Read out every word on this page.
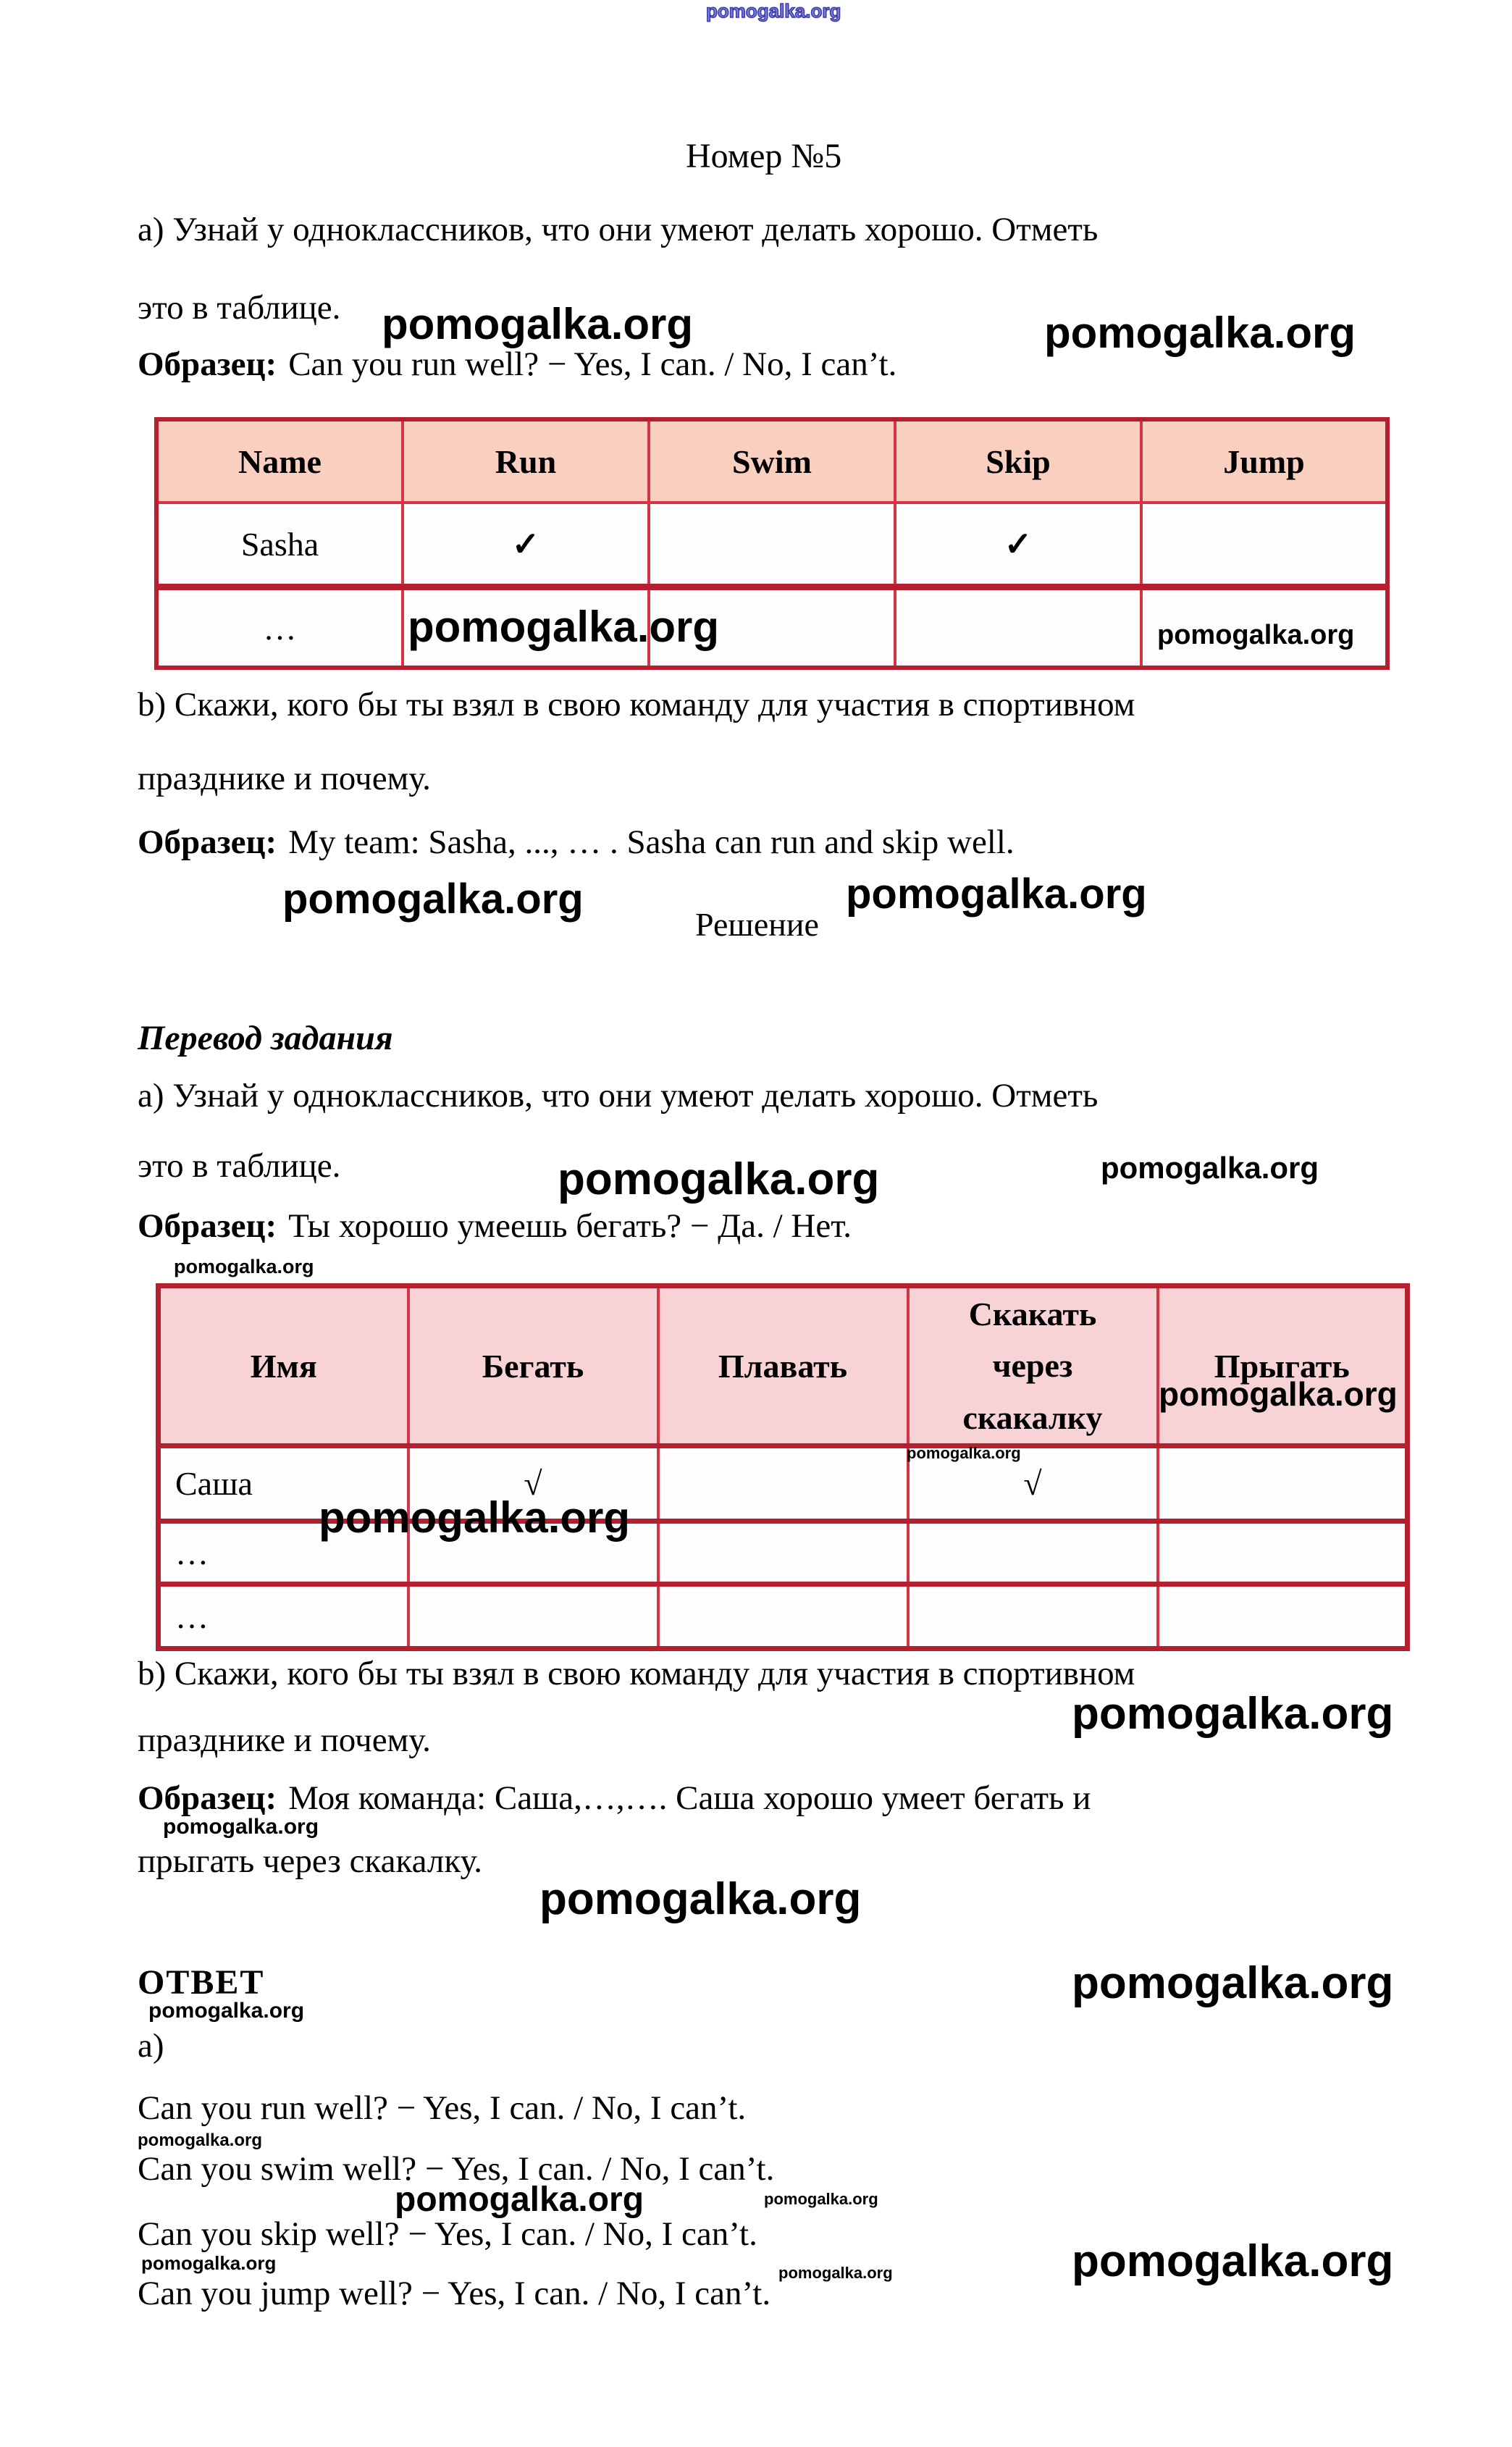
pomogalka.org
Номер №5
а) Узнай у одноклассников, что они умеют делать хорошо. Отметь
это в таблице. pomogalka.org	pomogalka.org
Образец: Can you run well? − Yes, I can. / No, I can’t.
Name	Run	Swim	Skip	Jump
Sasha	✓		✓	
…					pomogalka.org	pomogalka.org
b) Скажи, кого бы ты взял в свою команду для участия в спортивном
празднике и почему.
Образец: My team: Sasha, ..., … . Sasha can run and skip well.
pomogalka.org
Решение
pomogalka.org
Перевод задания
а) Узнай у одноклассников, что они умеют делать хорошо. Отметь
это в таблице.	pomogalka.org	pomogalka.org
Образец: Ты хорошо умеешь бегать? − Да. / Нет.
pomogalka.org
Имя	Бегать	Плавать	Скакать через скакалку	Прыгать
Саша	√		√	
…				
…				
pomogalka.org
pomogalka.org
pomogalka.org
b) Скажи, кого бы ты взял в свою команду для участия в спортивном
pomogalka.org
празднике и почему.
Образец: Моя команда: Саша,…,…. Саша хорошо умеет бегать и
pomogalka.org
прыгать через скакалку.
pomogalka.org
ОТВЕТ	pomogalka.org
pomogalka.org
а)
Can you run well? − Yes, I can. / No, I can’t.
pomogalka.org
Can you swim well? − Yes, I can. / No, I can’t.
pomogalka.org	pomogalka.org
Can you skip well? − Yes, I can. / No, I can’t.
pomogalka.org	pomogalka.org
Can you jump well? − Yes, I can. / No, I can’t.
pomogalka.org
